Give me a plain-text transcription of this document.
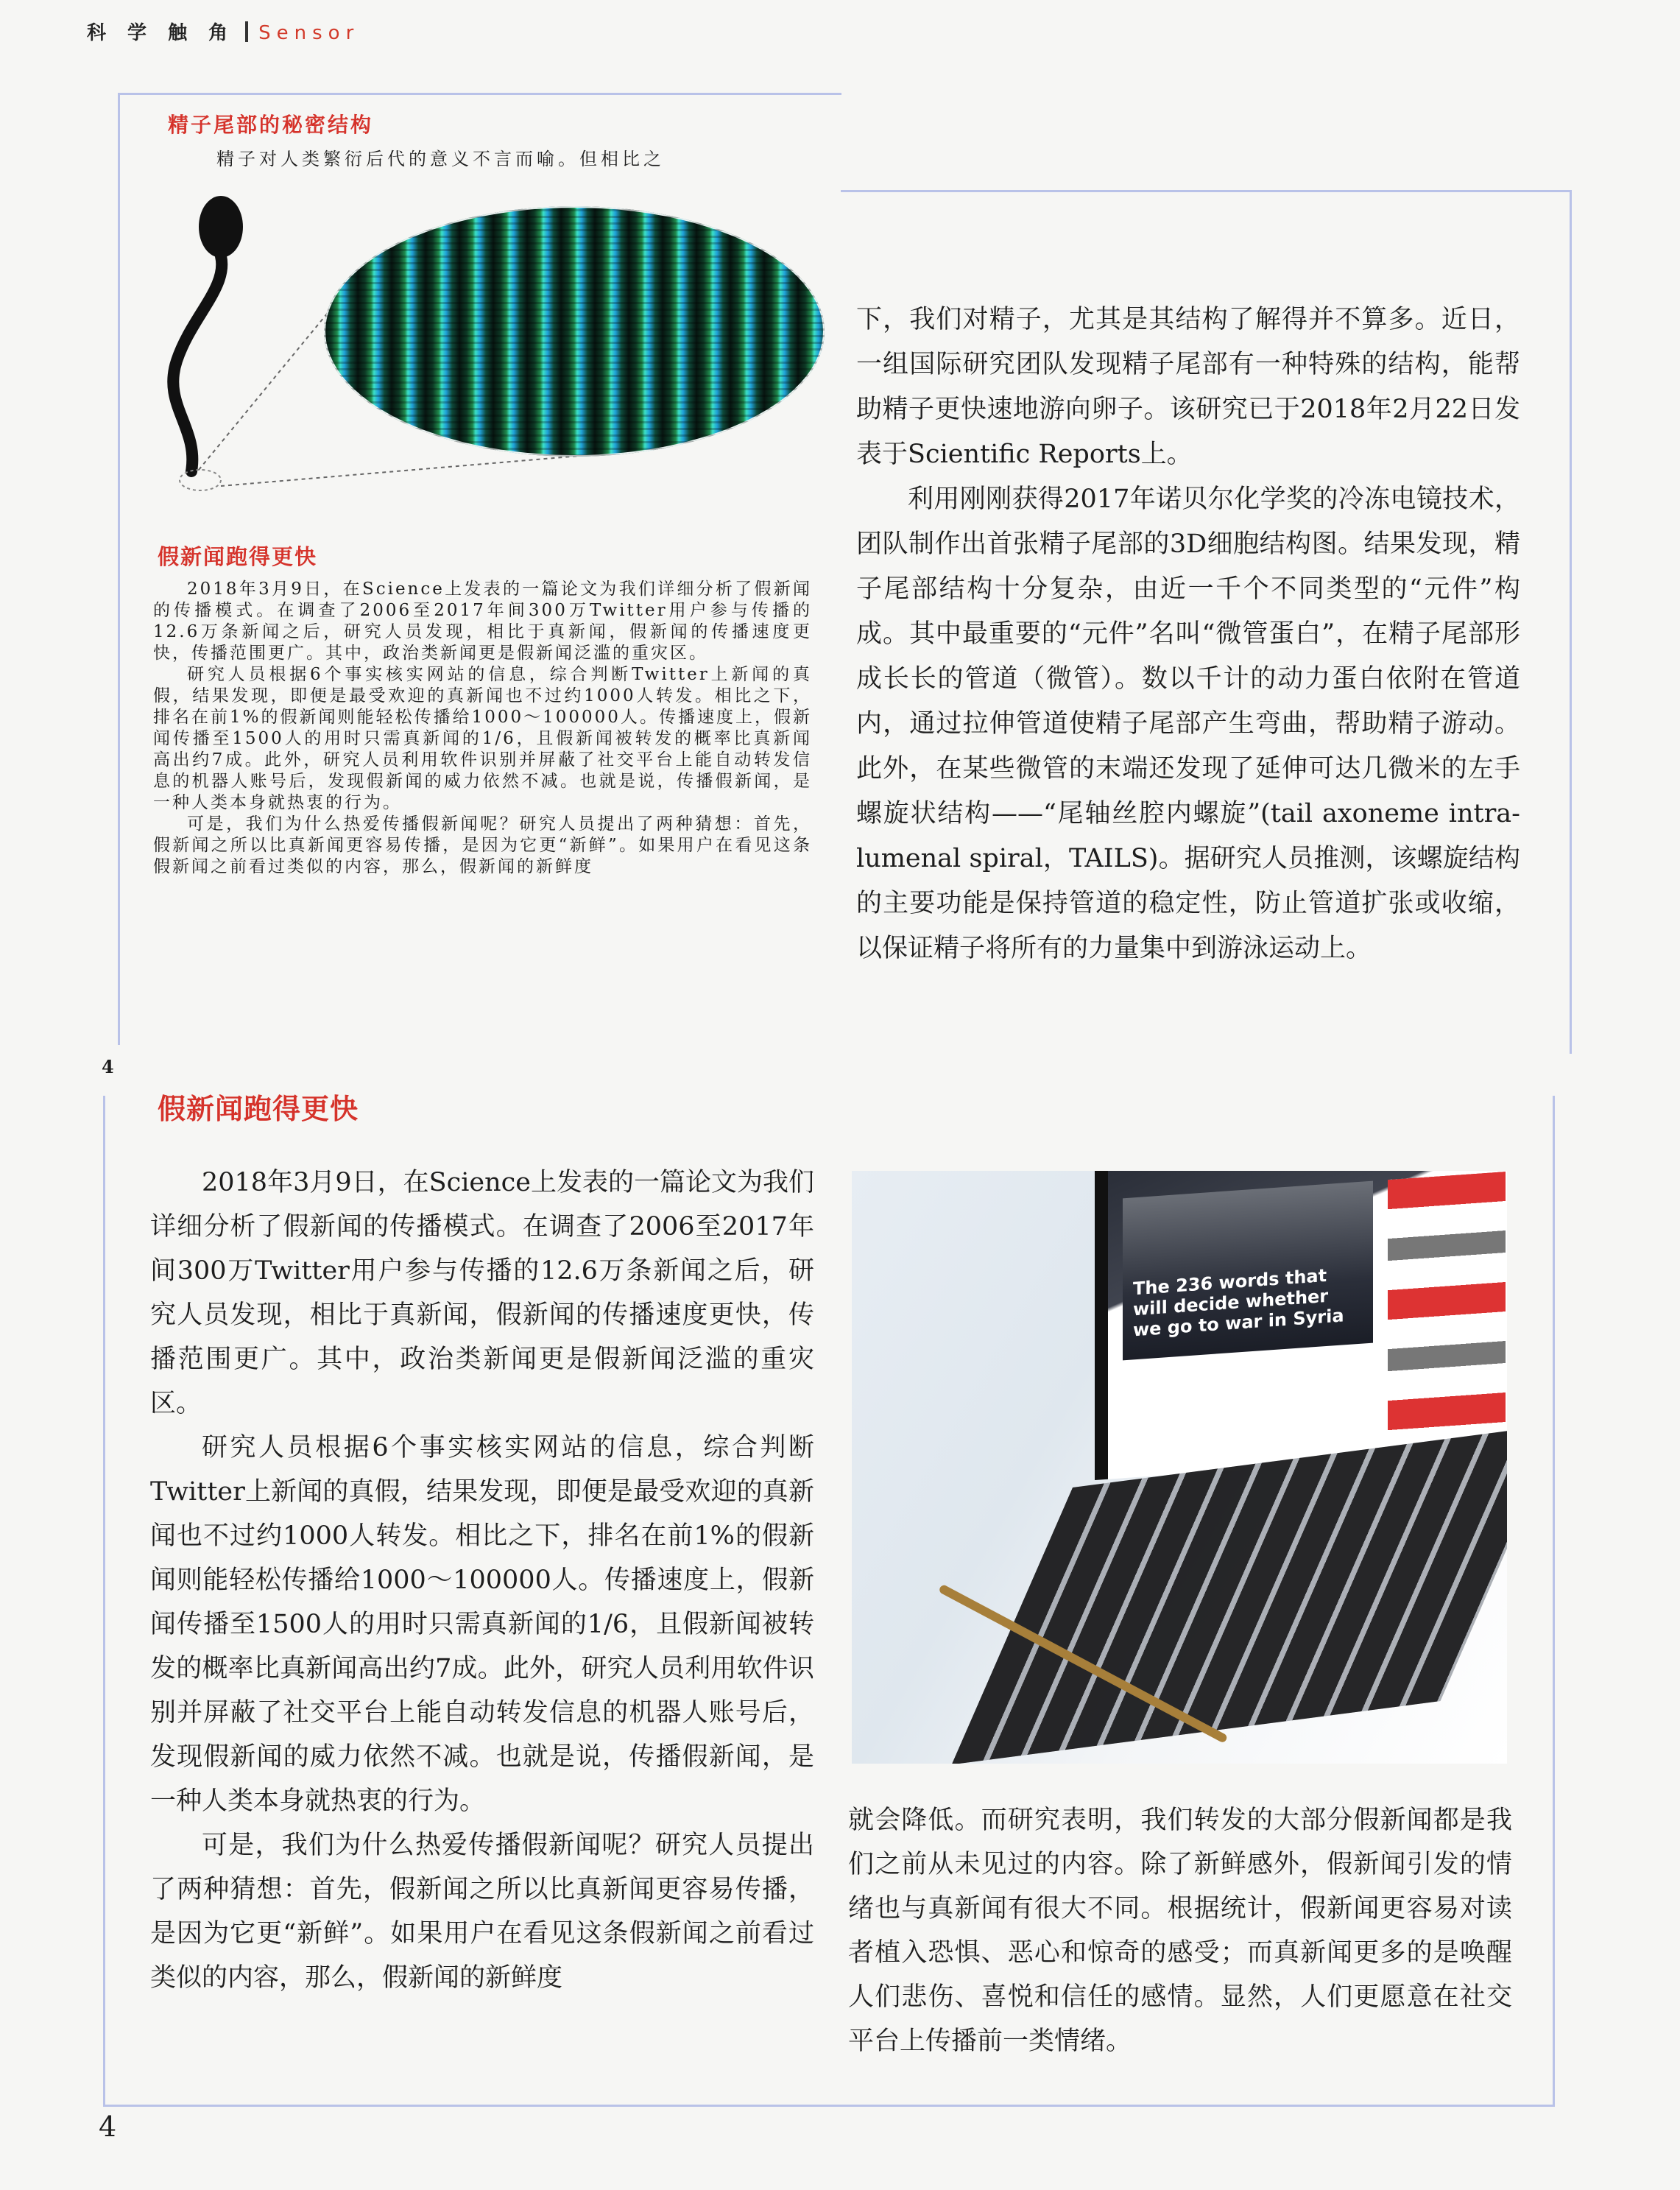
科 学 触 角 Sensor
精子尾部的秘密结构
精子对人类繁衍后代的意义不言而喻。但相比之
假新闻跑得更快

2018年3月9日，在Science上发表的一篇论文为我们详细分析了假新闻的传播模式。在调查了2006至2017年间300万Twitter用户参与传播的12.6万条新闻之后，研究人员发现，相比于真新闻，假新闻的传播速度更快，传播范围更广。其中，政治类新闻更是假新闻泛滥的重灾区。

研究人员根据6个事实核实网站的信息，综合判断Twitter上新闻的真假，结果发现，即便是最受欢迎的真新闻也不过约1000人转发。相比之下，排名在前1%的假新闻则能轻松传播给1000～100000人。传播速度上，假新闻传播至1500人的用时只需真新闻的1/6，且假新闻被转发的概率比真新闻高出约7成。此外，研究人员利用软件识别并屏蔽了社交平台上能自动转发信息的机器人账号后，发现假新闻的威力依然不减。也就是说，传播假新闻，是一种人类本身就热衷的行为。

可是，我们为什么热爱传播假新闻呢？研究人员提出了两种猜想：首先，假新闻之所以比真新闻更容易传播，是因为它更“新鲜”。如果用户在看见这条假新闻之前看过类似的内容，那么，假新闻的新鲜度

4

下，我们对精子，尤其是其结构了解得并不算多。近日，一组国际研究团队发现精子尾部有一种特殊的结构，能帮助精子更快速地游向卵子。该研究已于2018年2月22日发表于Scientific Reports上。

利用刚刚获得2017年诺贝尔化学奖的冷冻电镜技术，团队制作出首张精子尾部的3D细胞结构图。结果发现，精子尾部结构十分复杂，由近一千个不同类型的“元件”构成。其中最重要的“元件”名叫“微管蛋白”，在精子尾部形成长长的管道（微管）。数以千计的动力蛋白依附在管道内，通过拉伸管道使精子尾部产生弯曲，帮助精子游动。此外，在某些微管的末端还发现了延伸可达几微米的左手螺旋状结构——“尾轴丝腔内螺旋”(tail axoneme intra-lumenal spiral，TAILS)。据研究人员推测，该螺旋结构的主要功能是保持管道的稳定性，防止管道扩张或收缩，以保证精子将所有的力量集中到游泳运动上。

假新闻跑得更快

2018年3月9日，在Science上发表的一篇论文为我们详细分析了假新闻的传播模式。在调查了2006至2017年间300万Twitter用户参与传播的12.6万条新闻之后，研究人员发现，相比于真新闻，假新闻的传播速度更快，传播范围更广。其中，政治类新闻更是假新闻泛滥的重灾区。

研究人员根据6个事实核实网站的信息，综合判断Twitter上新闻的真假，结果发现，即便是最受欢迎的真新闻也不过约1000人转发。相比之下，排名在前1%的假新闻则能轻松传播给1000～100000人。传播速度上，假新闻传播至1500人的用时只需真新闻的1/6，且假新闻被转发的概率比真新闻高出约7成。此外，研究人员利用软件识别并屏蔽了社交平台上能自动转发信息的机器人账号后，发现假新闻的威力依然不减。也就是说，传播假新闻，是一种人类本身就热衷的行为。

可是，我们为什么热爱传播假新闻呢？研究人员提出了两种猜想：首先，假新闻之所以比真新闻更容易传播，是因为它更“新鲜”。如果用户在看见这条假新闻之前看过类似的内容，那么，假新闻的新鲜度

The 236 words that will decide whether we go to war in Syria

就会降低。而研究表明，我们转发的大部分假新闻都是我们之前从未见过的内容。除了新鲜感外，假新闻引发的情绪也与真新闻有很大不同。根据统计，假新闻更容易对读者植入恐惧、恶心和惊奇的感受；而真新闻更多的是唤醒人们悲伤、喜悦和信任的感情。显然，人们更愿意在社交平台上传播前一类情绪。

4
